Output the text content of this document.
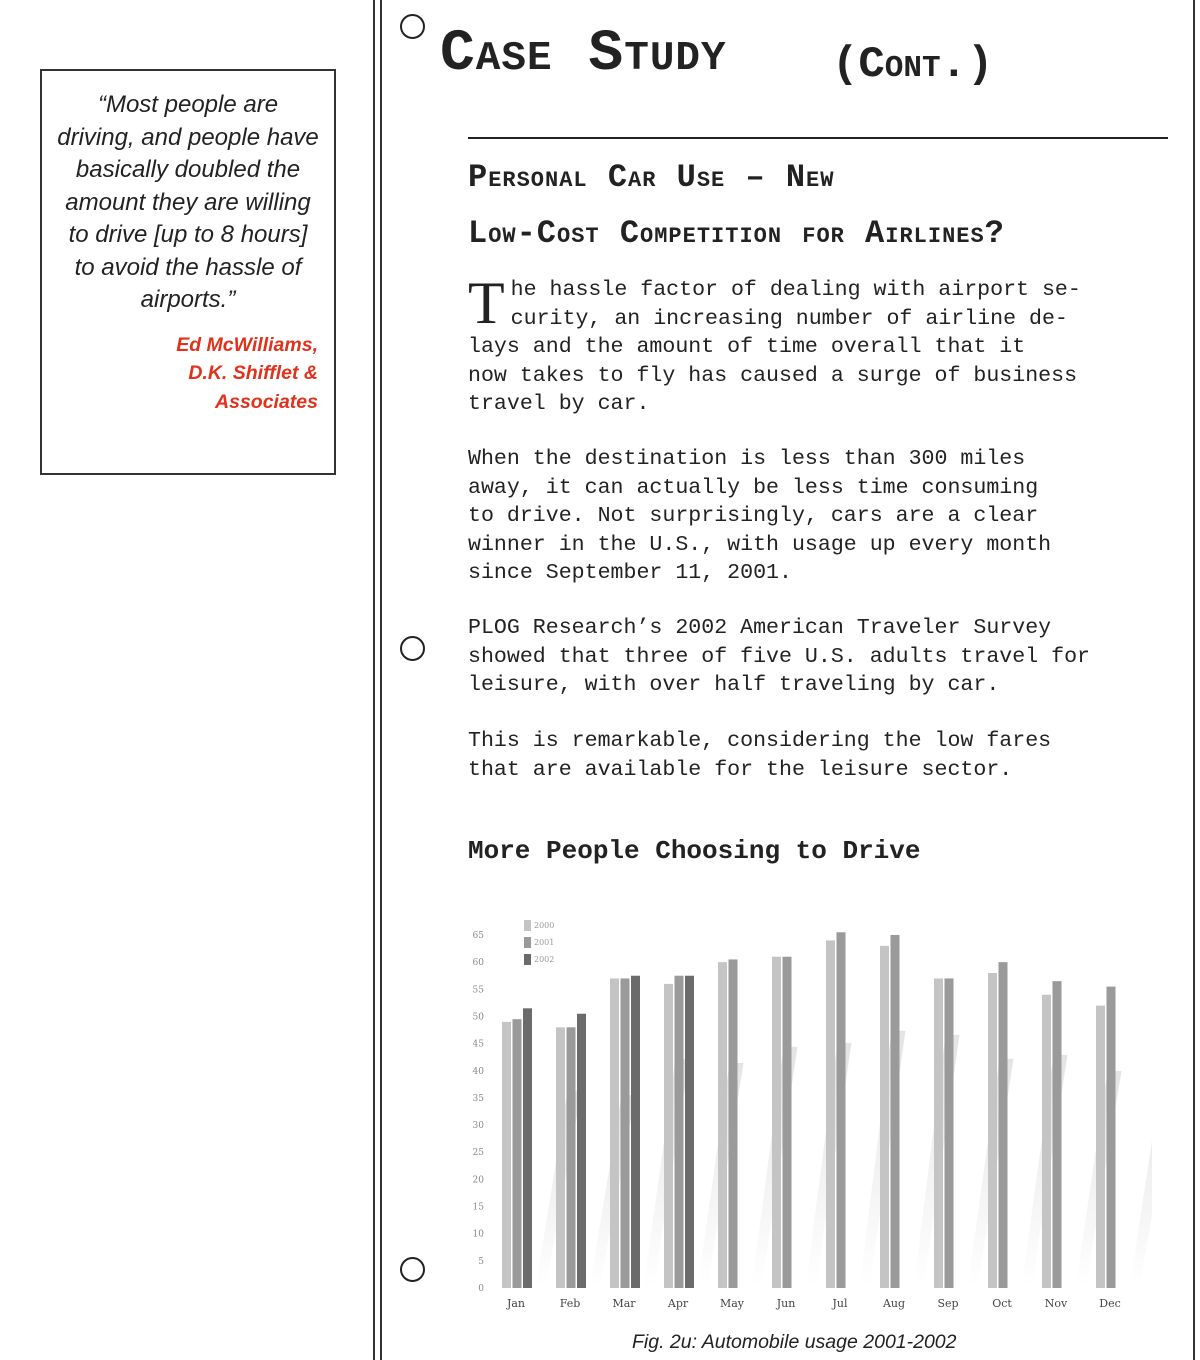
“Most people are driving, and people have basically doubled the amount they are willing to drive [up to 8 hours] to avoid the hassle of airports.”

Ed McWilliams,
D.K. Shifflet &
Associates

Case Study (Cont.)
Personal Car Use – New
Low-Cost Competition for Airlines?

The hassle factor of dealing with airport se-
curity, an increasing number of airline de-
lays and the amount of time overall that it
now takes to fly has caused a surge of business
travel by car.

When the destination is less than 300 miles
away, it can actually be less time consuming
to drive. Not surprisingly, cars are a clear
winner in the U.S., with usage up every month
since September 11, 2001.

PLOG Research’s 2002 American Traveler Survey
showed that three of five U.S. adults travel for
leisure, with over half traveling by car.

This is remarkable, considering the low fares
that are available for the leisure sector.

More People Choosing to Drive
0
5
10
15
20
25
30
35
40
45
50
55
60
65
Jan	Feb	Mar	Apr	May	Jun	Jul	Aug	Sep	Oct	Nov	Dec
2000
2001
2002

Fig. 2u: Automobile usage 2001-2002
